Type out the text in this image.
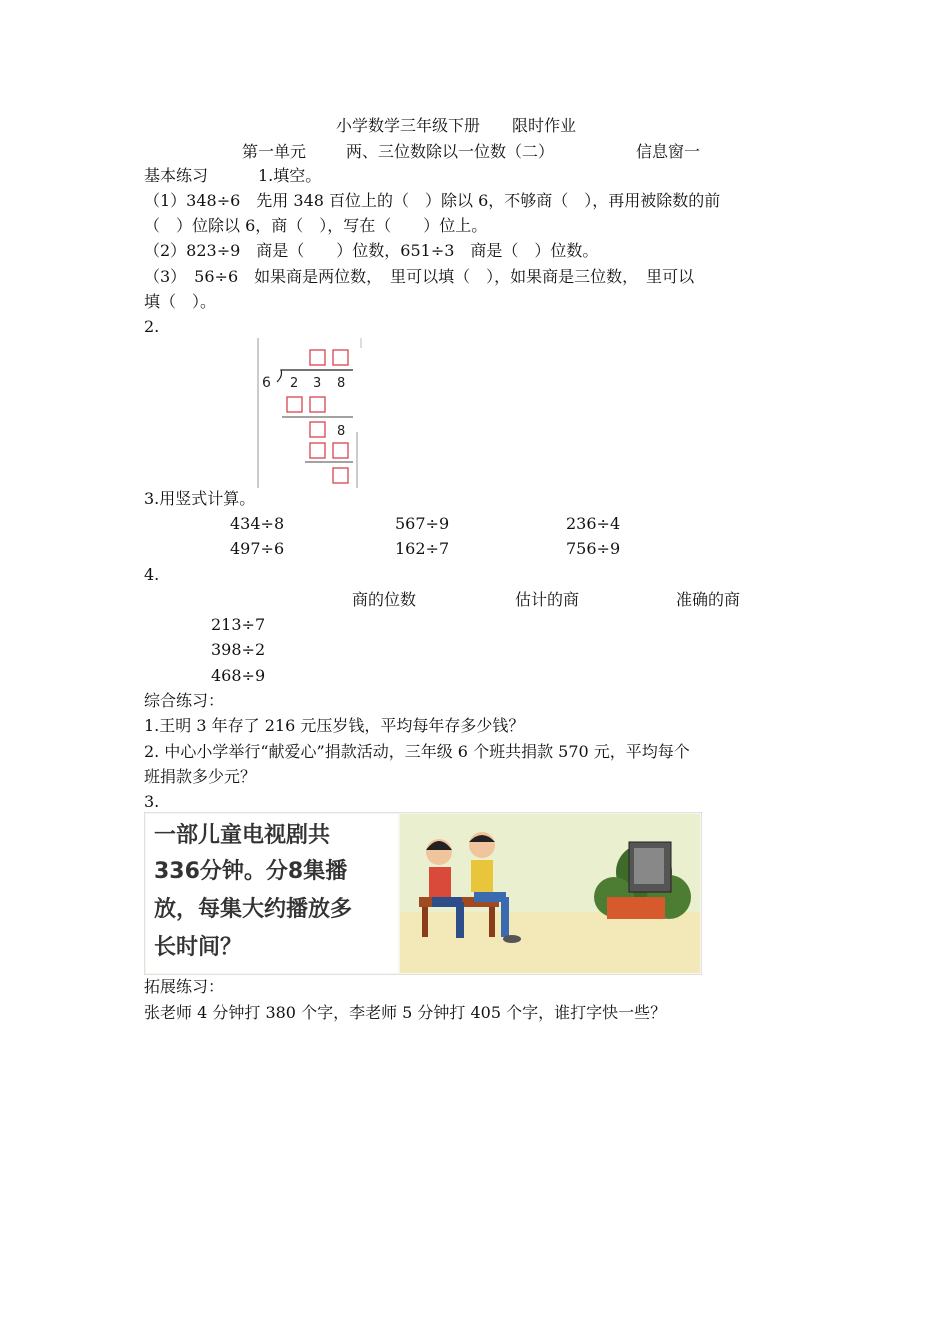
小学数学三年级下册　　限时作业
第一单元 两、三位数除以一位数（二）	信息窗一
基本练习	1.填空。
（1）348÷6　先用 348 百位上的（　）除以 6，不够商（　），再用被除数的前
（　）位除以 6，商（　），写在（　　）位上。
（2）823÷9　商是（　　）位数，651÷3　商是（　）位数。
（3）　56÷6　如果商是两位数，　里可以填（　），如果商是三位数，　里可以
填（　）。
2.
6 2 3 8
8
3.用竖式计算。
434÷8	567÷9	236÷4
497÷6	162÷7	756÷9
4.
商的位数	估计的商	准确的商
213÷7
398÷2
468÷9
综合练习：
1.王明 3 年存了 216 元压岁钱，平均每年存多少钱？
2. 中心小学举行“献爱心”捐款活动，三年级 6 个班共捐款 570 元，平均每个
班捐款多少元？
3.
一部儿童电视剧共
336分钟。分8集播
放，每集大约播放多
长时间？
拓展练习：
张老师 4 分钟打 380 个字，李老师 5 分钟打 405 个字，谁打字快一些？
